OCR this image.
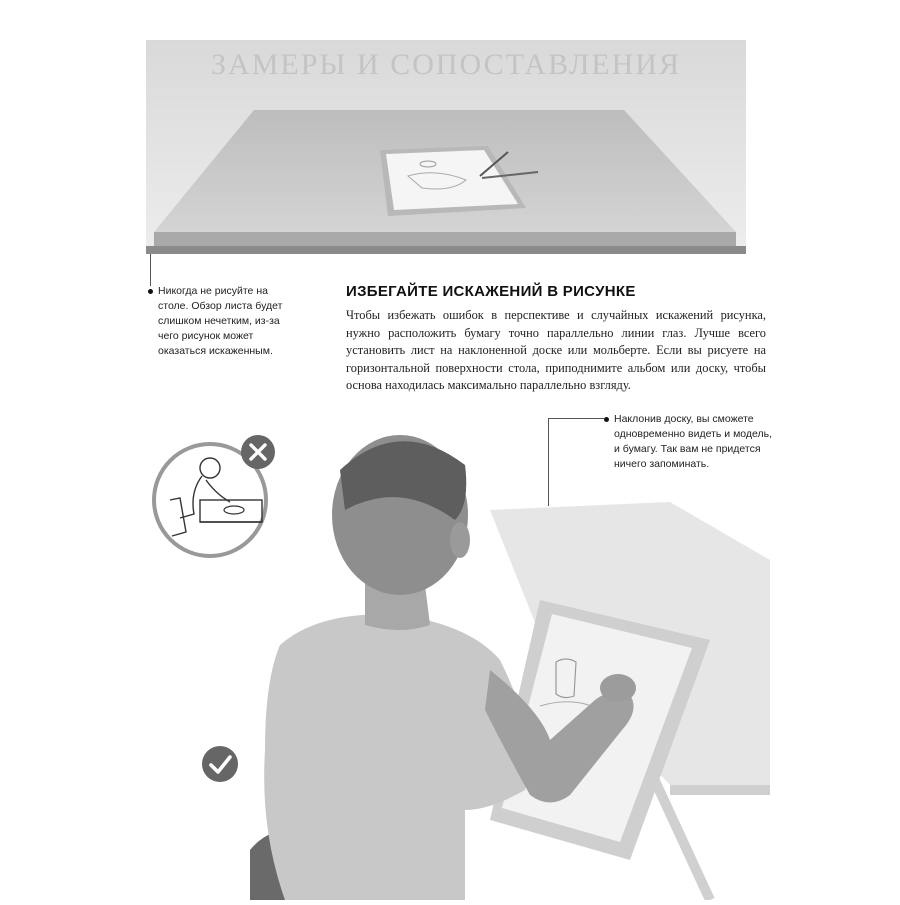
ЗАМЕРЫ И СОПОСТАВЛЕНИЯ
Никогда не рисуйте на столе. Обзор листа будет слишком нечетким, из-за чего рисунок может оказаться искаженным.
ИЗБЕГАЙТЕ ИСКАЖЕНИЙ В РИСУНКЕ

Чтобы избежать ошибок в перспективе и случайных искажений рисунка, нужно расположить бумагу точно параллельно линии глаз. Лучше всего установить лист на наклоненной доске или мольберте. Если вы рисуете на горизонтальной поверхности стола, приподнимите альбом или доску, чтобы основа находилась максимально параллельно взгляду.

Наклонив доску, вы сможете одновременно видеть и модель, и бумагу. Так вам не придется ничего запоминать.
